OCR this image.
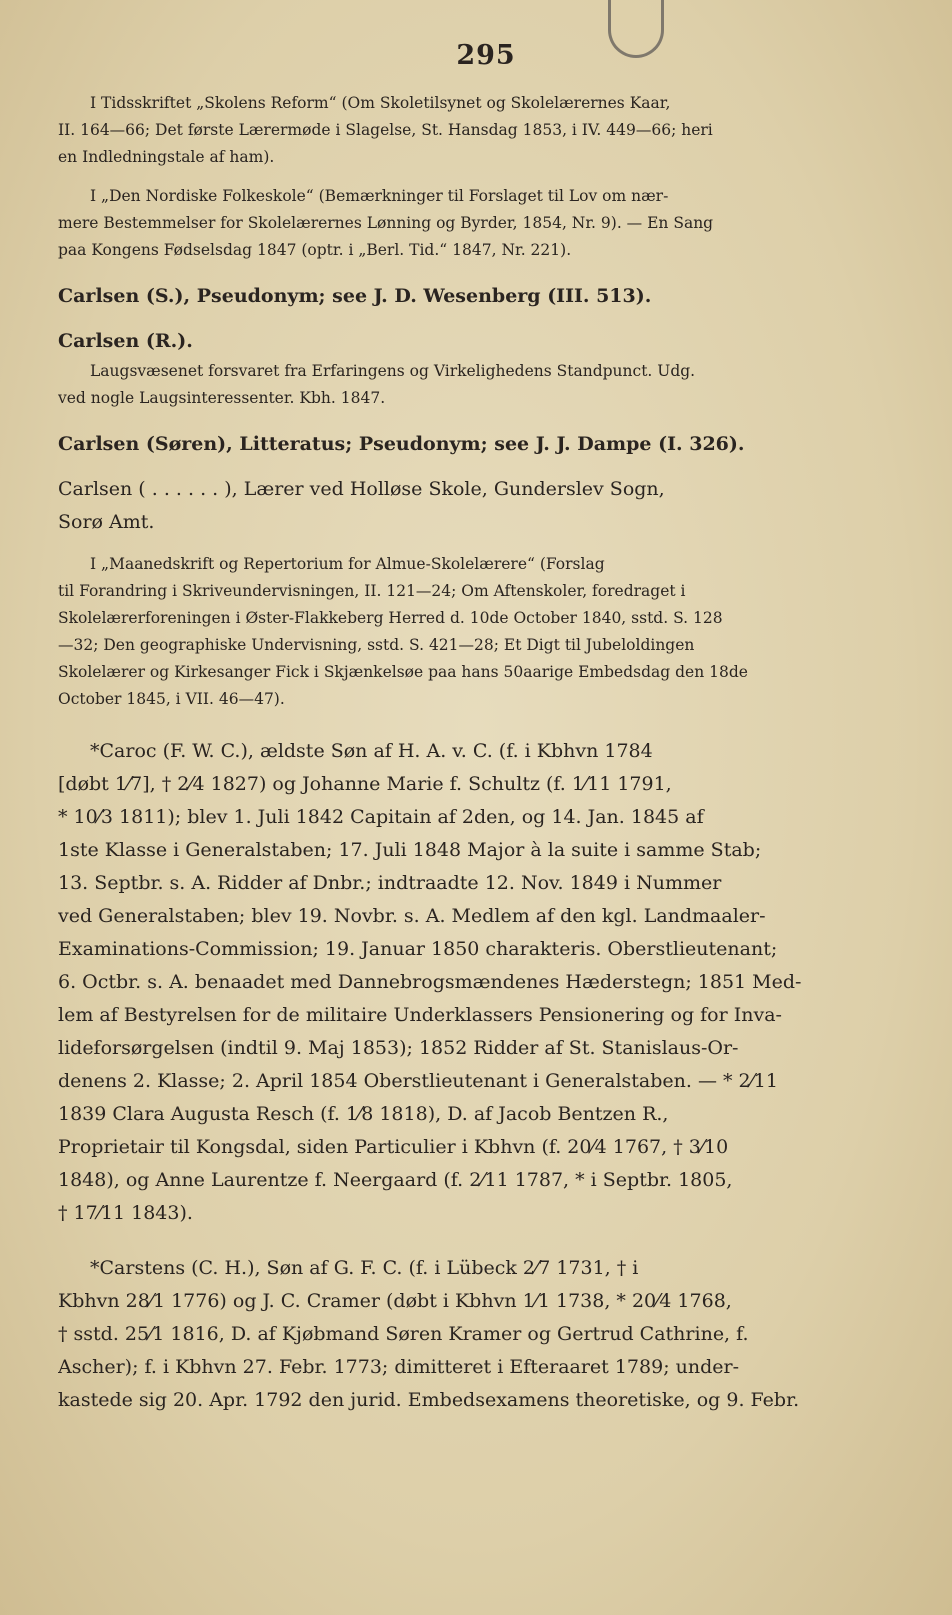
295
I Tidsskriftet „Skolens Reform“ (Om Skoletilsynet og Skolelærernes Kaar,
II. 164—66; Det første Lærermøde i Slagelse, St. Hansdag 1853, i IV. 449—66; heri
en Indledningstale af ham).
I „Den Nordiske Folkeskole“ (Bemærkninger til Forslaget til Lov om nær-
mere Bestemmelser for Skolelærernes Lønning og Byrder, 1854, Nr. 9). — En Sang
paa Kongens Fødselsdag 1847 (optr. i „Berl. Tid.“ 1847, Nr. 221).
Carlsen (S.), Pseudonym; see J. D. Wesenberg (III. 513).
Carlsen (R.).
Laugsvæsenet forsvaret fra Erfaringens og Virkelighedens Standpunct. Udg.
ved nogle Laugsinteressenter. Kbh. 1847.
Carlsen (Søren), Litteratus; Pseudonym; see J. J. Dampe (I. 326).
Carlsen ( . . . . . . ), Lærer ved Holløse Skole, Gunderslev Sogn,
Sorø Amt.
I „Maanedskrift og Repertorium for Almue-Skolelærere“ (Forslag
til Forandring i Skriveundervisningen, II. 121—24; Om Aftenskoler, foredraget i
Skolelærerforeningen i Øster-Flakkeberg Herred d. 10de October 1840, sstd. S. 128
—32; Den geographiske Undervisning, sstd. S. 421—28; Et Digt til Jubeloldingen
Skolelærer og Kirkesanger Fick i Skjænkelsøe paa hans 50aarige Embedsdag den 18de
October 1845, i VII. 46—47).
*Caroc (F. W. C.), ældste Søn af H. A. v. C. (f. i Kbhvn 1784
[døbt 1⁄7], † 2⁄4 1827) og Johanne Marie f. Schultz (f. 1⁄11 1791,
* 10⁄3 1811); blev 1. Juli 1842 Capitain af 2den, og 14. Jan. 1845 af
1ste Klasse i Generalstaben; 17. Juli 1848 Major à la suite i samme Stab;
13. Septbr. s. A. Ridder af Dnbr.; indtraadte 12. Nov. 1849 i Nummer
ved Generalstaben; blev 19. Novbr. s. A. Medlem af den kgl. Landmaaler-
Examinations-Commission; 19. Januar 1850 charakteris. Oberstlieutenant;
6. Octbr. s. A. benaadet med Dannebrogsmændenes Hæderstegn; 1851 Med-
lem af Bestyrelsen for de militaire Underklassers Pensionering og for Inva-
lideforsørgelsen (indtil 9. Maj 1853); 1852 Ridder af St. Stanislaus-Or-
denens 2. Klasse; 2. April 1854 Oberstlieutenant i Generalstaben. — * 2⁄11
1839 Clara Augusta Resch (f. 1⁄8 1818), D. af Jacob Bentzen R.,
Proprietair til Kongsdal, siden Particulier i Kbhvn (f. 20⁄4 1767, † 3⁄10
1848), og Anne Laurentze f. Neergaard (f. 2⁄11 1787, * i Septbr. 1805,
† 17⁄11 1843).
*Carstens (C. H.), Søn af G. F. C. (f. i Lübeck 2⁄7 1731, † i
Kbhvn 28⁄1 1776) og J. C. Cramer (døbt i Kbhvn 1⁄1 1738, * 20⁄4 1768,
† sstd. 25⁄1 1816, D. af Kjøbmand Søren Kramer og Gertrud Cathrine, f.
Ascher); f. i Kbhvn 27. Febr. 1773; dimitteret i Efteraaret 1789; under-
kastede sig 20. Apr. 1792 den jurid. Embedsexamens theoretiske, og 9. Febr.
